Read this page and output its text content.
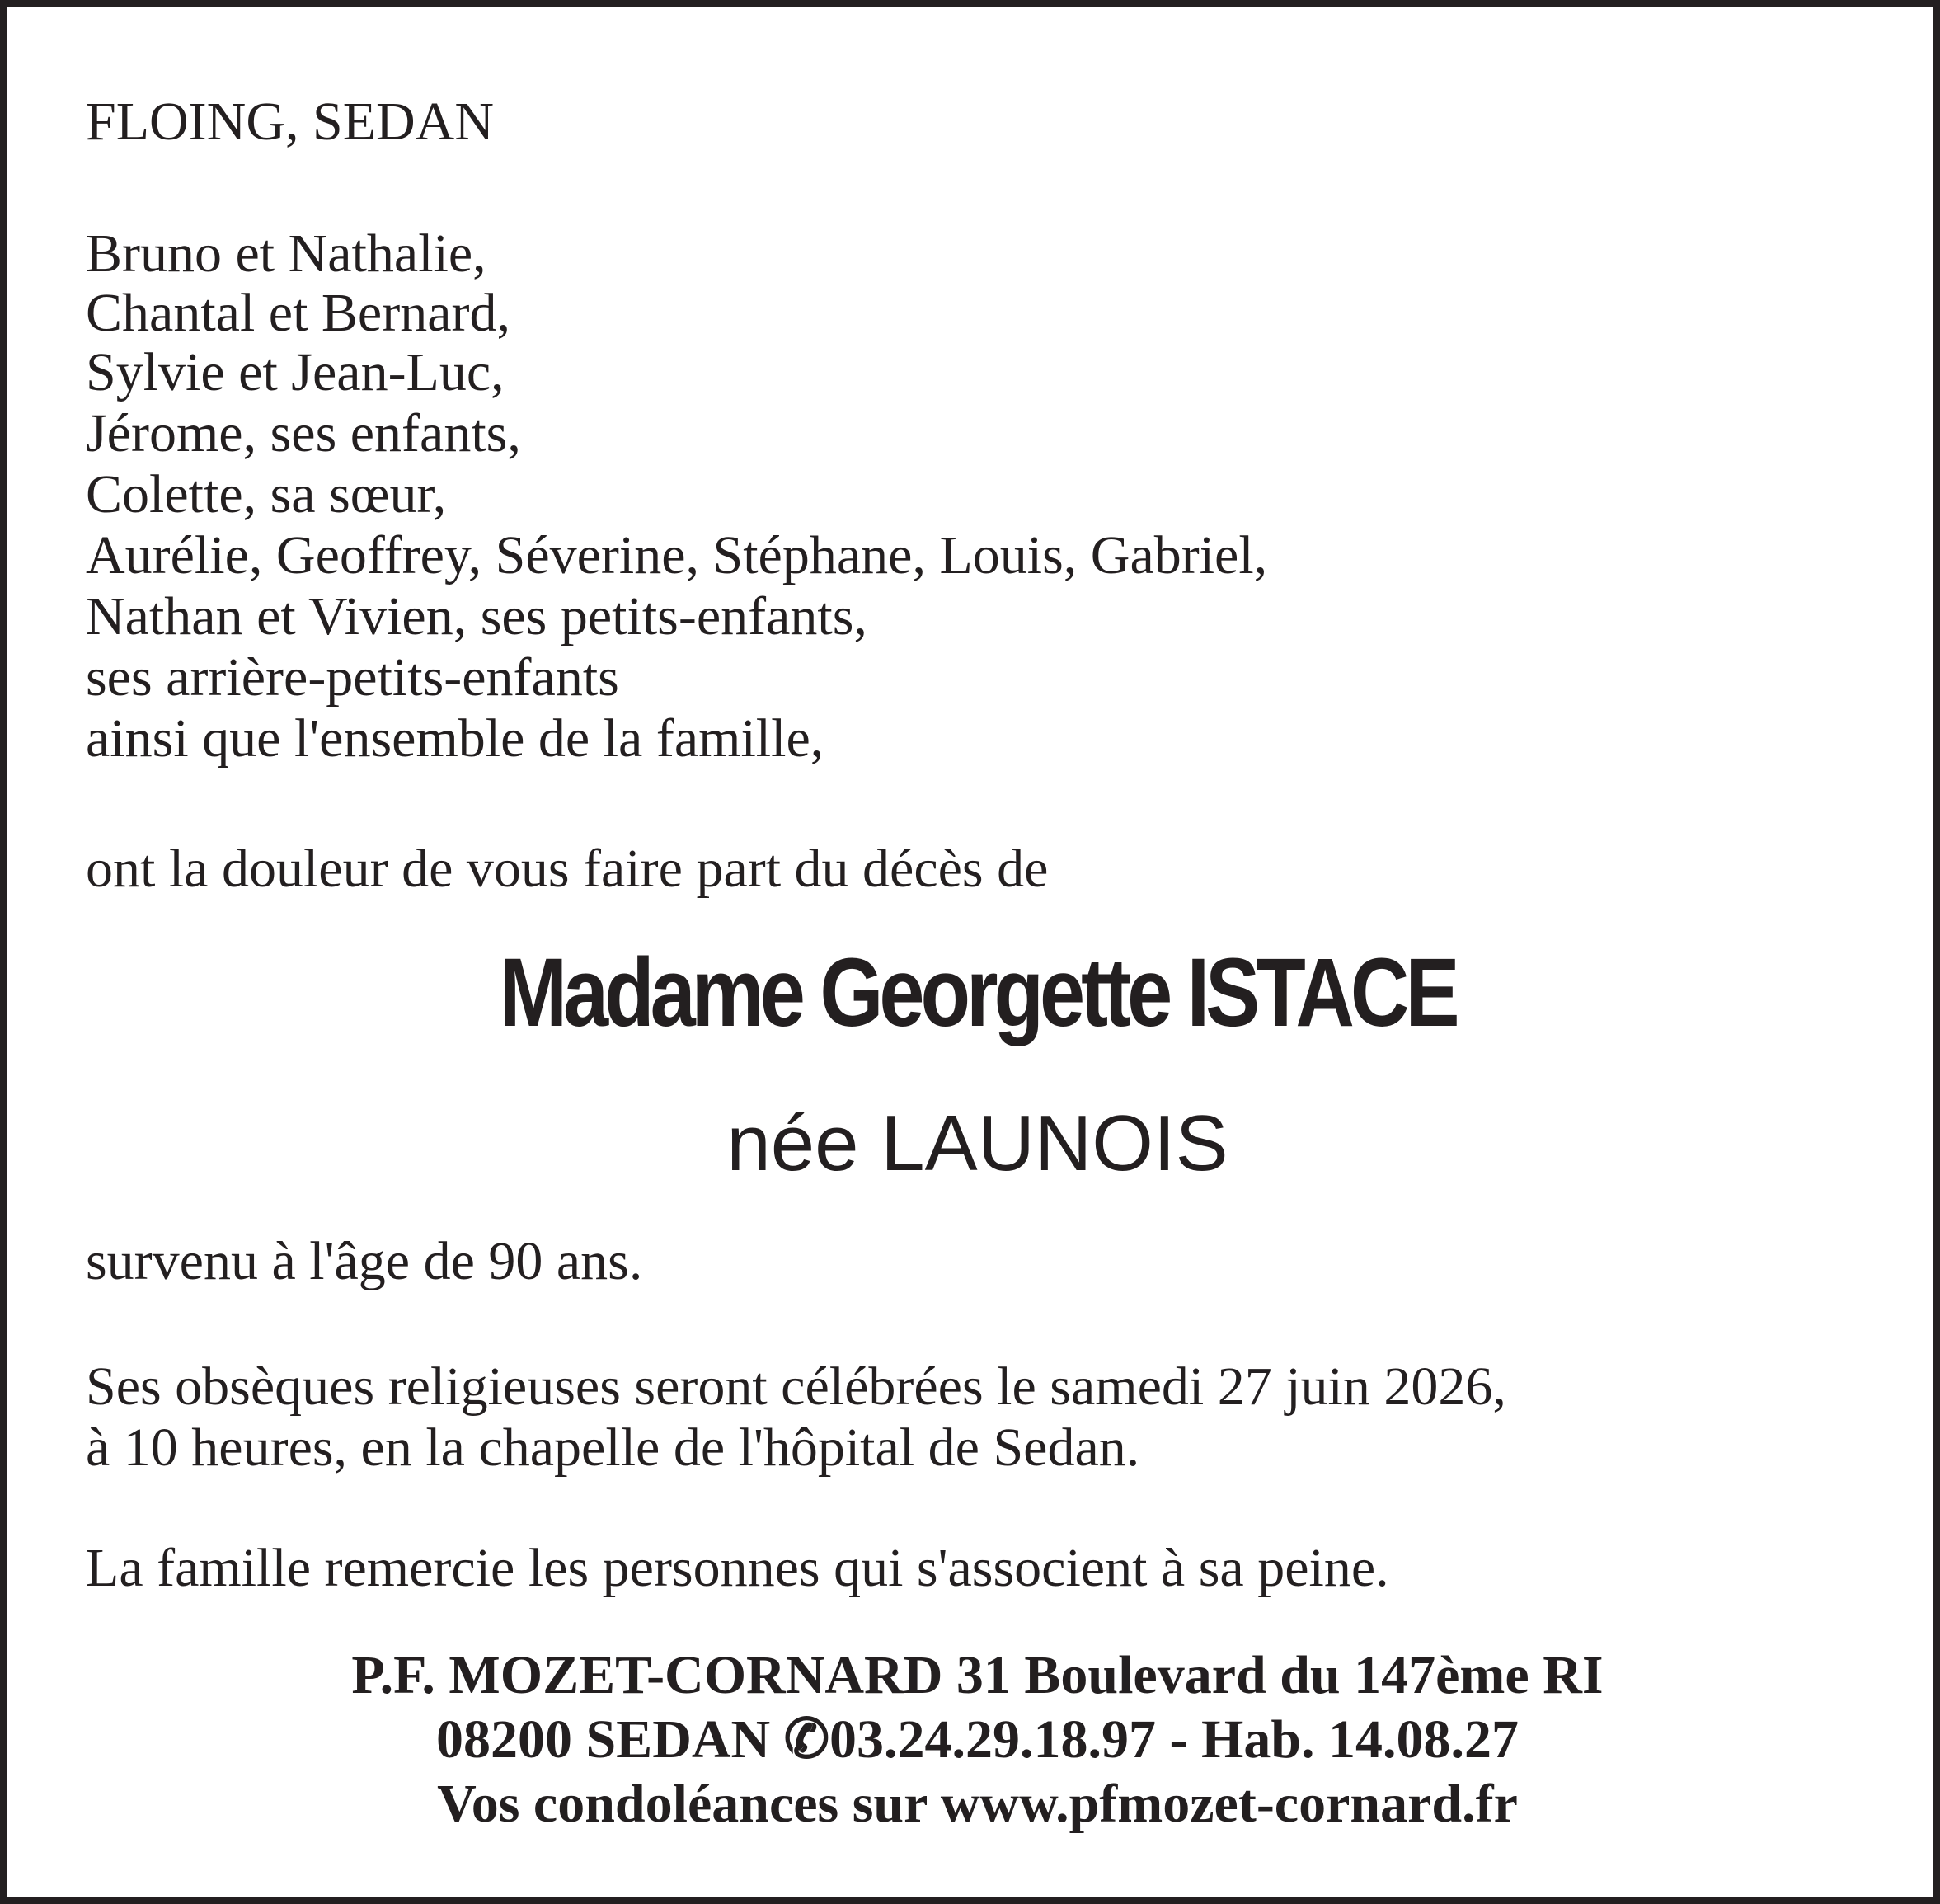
FLOING, SEDAN
Bruno et Nathalie,
Chantal et Bernard,
Sylvie et Jean-Luc,
Jérome, ses enfants,
Colette, sa sœur,
Aurélie, Geoffrey, Séverine, Stéphane, Louis, Gabriel,
Nathan et Vivien, ses petits-enfants,
ses arrière-petits-enfants
ainsi que l'ensemble de la famille,
ont la douleur de vous faire part du décès de
Madame Georgette ISTACE
née LAUNOIS
survenu à l'âge de 90 ans.
Ses obsèques religieuses seront célébrées le samedi 27 juin 2026,
à 10 heures, en la chapelle de l'hôpital de Sedan.
La famille remercie les personnes qui s'associent à sa peine.
P.F. MOZET-CORNARD 31 Boulevard du 147ème RI
08200 SEDAN ✆03.24.29.18.97 - Hab. 14.08.27
Vos condoléances sur www.pfmozet-cornard.fr
